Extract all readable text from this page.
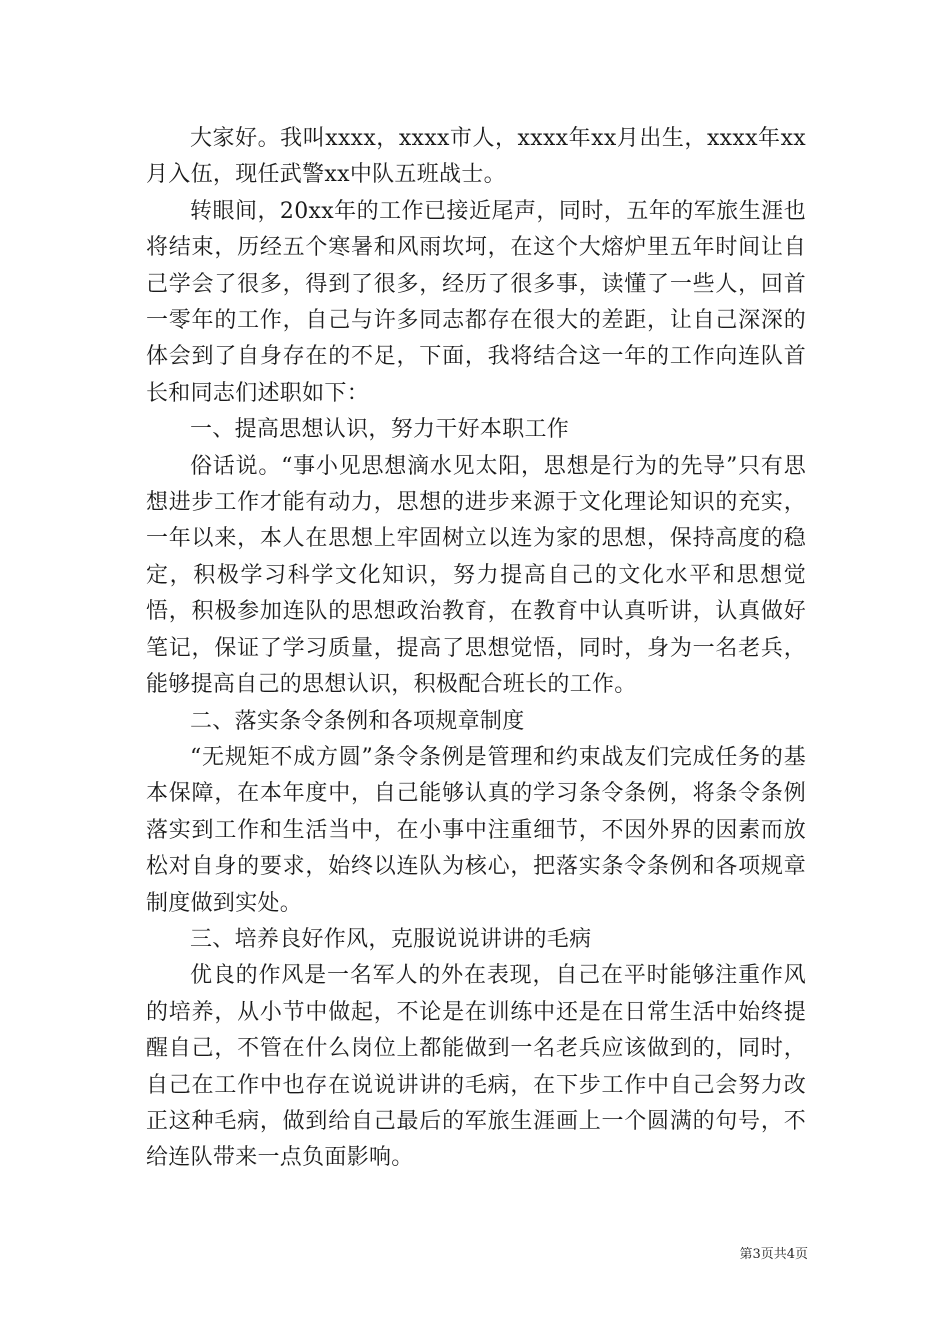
大家好。我叫xxxx，xxxx市人，xxxx年xx月出生，xxxx年xx月入伍，现任武警xx中队五班战士。

转眼间，20xx年的工作已接近尾声，同时，五年的军旅生涯也将结束，历经五个寒暑和风雨坎坷，在这个大熔炉里五年时间让自己学会了很多，得到了很多，经历了很多事，读懂了一些人，回首一零年的工作，自己与许多同志都存在很大的差距，让自己深深的体会到了自身存在的不足，下面，我将结合这一年的工作向连队首长和同志们述职如下：

一、提高思想认识，努力干好本职工作

俗话说。“事小见思想滴水见太阳，思想是行为的先导”只有思想进步工作才能有动力，思想的进步来源于文化理论知识的充实，一年以来，本人在思想上牢固树立以连为家的思想，保持高度的稳定，积极学习科学文化知识，努力提高自己的文化水平和思想觉悟，积极参加连队的思想政治教育，在教育中认真听讲，认真做好笔记，保证了学习质量，提高了思想觉悟，同时，身为一名老兵，能够提高自己的思想认识，积极配合班长的工作。

二、落实条令条例和各项规章制度

“无规矩不成方圆”条令条例是管理和约束战友们完成任务的基本保障，在本年度中，自己能够认真的学习条令条例，将条令条例落实到工作和生活当中，在小事中注重细节，不因外界的因素而放松对自身的要求，始终以连队为核心，把落实条令条例和各项规章制度做到实处。

三、培养良好作风，克服说说讲讲的毛病

优良的作风是一名军人的外在表现，自己在平时能够注重作风的培养，从小节中做起，不论是在训练中还是在日常生活中始终提醒自己，不管在什么岗位上都能做到一名老兵应该做到的，同时，自己在工作中也存在说说讲讲的毛病，在下步工作中自己会努力改正这种毛病，做到给自己最后的军旅生涯画上一个圆满的句号，不给连队带来一点负面影响。

第3页共4页
